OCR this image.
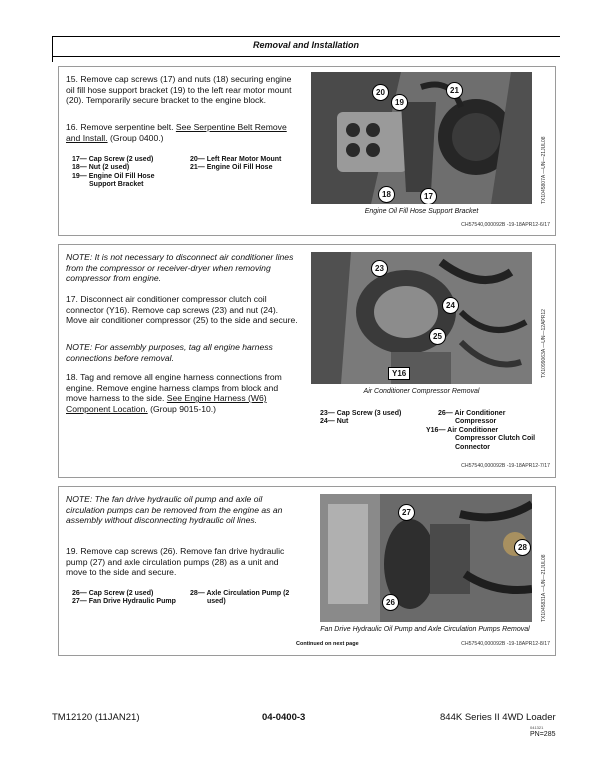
Removal and Installation
15. Remove cap screws (17) and nuts (18) securing engine oil fill hose support bracket (19) to the left rear motor mount (20). Temporarily secure bracket to the engine block.
16. Remove serpentine belt. See Serpentine Belt Remove and Install. (Group 0400.)
17— Cap Screw (2 used)
18— Nut (2 used)
19— Engine Oil Fill Hose
Support Bracket
20— Left Rear Motor Mount
21— Engine Oil Fill Hose
20
19
21
18	17
Engine Oil Fill Hose Support Bracket
TX1045807A —UN—21JUL08
CH57540,000092B -19-18APR12-6/17
NOTE: It is not necessary to disconnect air conditioner lines from the compressor or receiver-dryer when removing compressor from engine.
17. Disconnect air conditioner compressor clutch coil connector (Y16). Remove cap screws (23) and nut (24). Move air conditioner compressor (25) to the side and secure.
NOTE: For assembly purposes, tag all engine harness connections before removal.
18. Tag and remove all engine harness connections from engine. Remove engine harness clamps from block and move harness to the side. See Engine Harness (W6) Component Location. (Group 9015-10.)
23
24
25
Y16
Air Conditioner Compressor Removal
TX1099063A —UN—12APR12
23— Cap Screw (3 used)
24— Nut
26— Air Conditioner
Compressor
Y16— Air Conditioner
Compressor Clutch Coil
Connector
CH57540,000092B -19-18APR12-7/17
NOTE: The fan drive hydraulic oil pump and axle oil circulation pumps can be removed from the engine as an assembly without disconnecting hydraulic oil lines.
19. Remove cap screws (26). Remove fan drive hydraulic pump (27) and axle circulation pumps (28) as a unit and move to the side and secure.
26— Cap Screw (2 used)
27— Fan Drive Hydraulic Pump
28— Axle Circulation Pump (2
used)
27
28
26
Fan Drive Hydraulic Oil Pump and Axle Circulation Pumps Removal
TX1045831A —UN—21JUL08
Continued on next page	CH57540,000092B -19-18APR12-8/17
TM12120 (11JAN21)	04-0400-3	844K Series II 4WD Loader
041321
PN=285
